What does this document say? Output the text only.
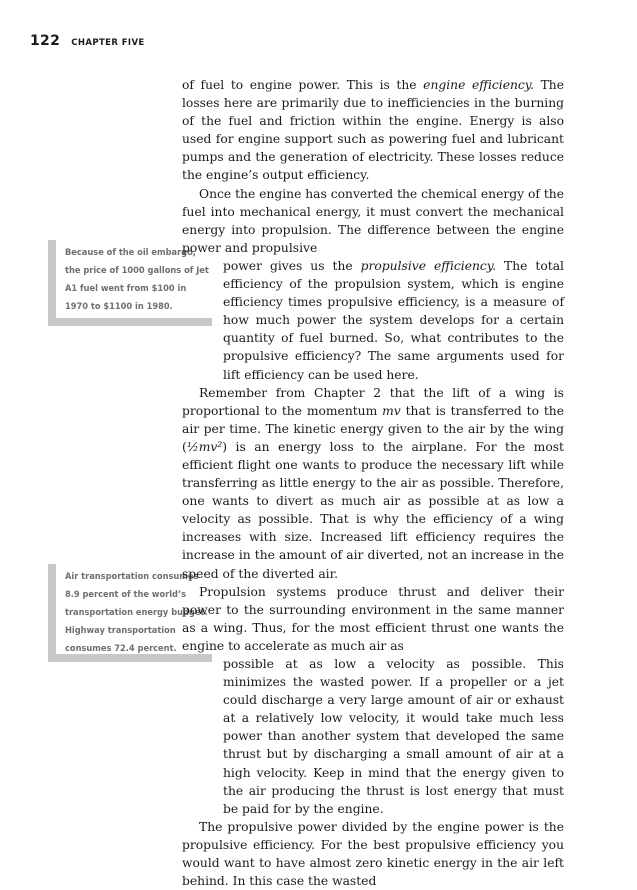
122 CHAPTER FIVE

Because of the oil embargo, the price of 1000 gallons of Jet A1 fuel went from $100 in 1970 to $1100 in 1980.

Air transportation consumes 8.9 percent of the world’s transportation energy budget. Highway transportation consumes 72.4 percent.

of fuel to engine power. This is the engine efficiency. The losses here are primarily due to inefficiencies in the burning of the fuel and friction within the engine. Energy is also used for engine support such as powering fuel and lubricant pumps and the generation of electricity. These losses reduce the engine’s output efficiency.

Once the engine has converted the chemical energy of the fuel into mechanical energy, it must convert the mechanical energy into propulsion. The difference between the engine power and propulsive

power gives us the propulsive efficiency. The total efficiency of the propulsion system, which is engine efficiency times propulsive efficiency, is a measure of how much power the system develops for a certain quantity of fuel burned. So, what contributes to the propulsive efficiency? The same arguments used for lift efficiency can be used here.

Remember from Chapter 2 that the lift of a wing is proportional to the momentum mv that is transferred to the air per time. The kinetic energy given to the air by the wing (½mv²) is an energy loss to the airplane. For the most efficient flight one wants to produce the necessary lift while transferring as little energy to the air as possible. Therefore, one wants to divert as much air as possible at as low a velocity as possible. That is why the efficiency of a wing increases with size. Increased lift efficiency requires the increase in the amount of air diverted, not an increase in the speed of the diverted air.

Propulsion systems produce thrust and deliver their power to the surrounding environment in the same manner as a wing. Thus, for the most efficient thrust one wants the engine to accelerate as much air as

possible at as low a velocity as possible. This minimizes the wasted power. If a propeller or a jet could discharge a very large amount of air or exhaust at a relatively low velocity, it would take much less power than another system that developed the same thrust but by discharging a small amount of air at a high velocity. Keep in mind that the energy given to the air producing the thrust is lost energy that must be paid for by the engine.

The propulsive power divided by the engine power is the propulsive efficiency. For the best propulsive efficiency you would want to have almost zero kinetic energy in the air left behind. In this case the wasted
